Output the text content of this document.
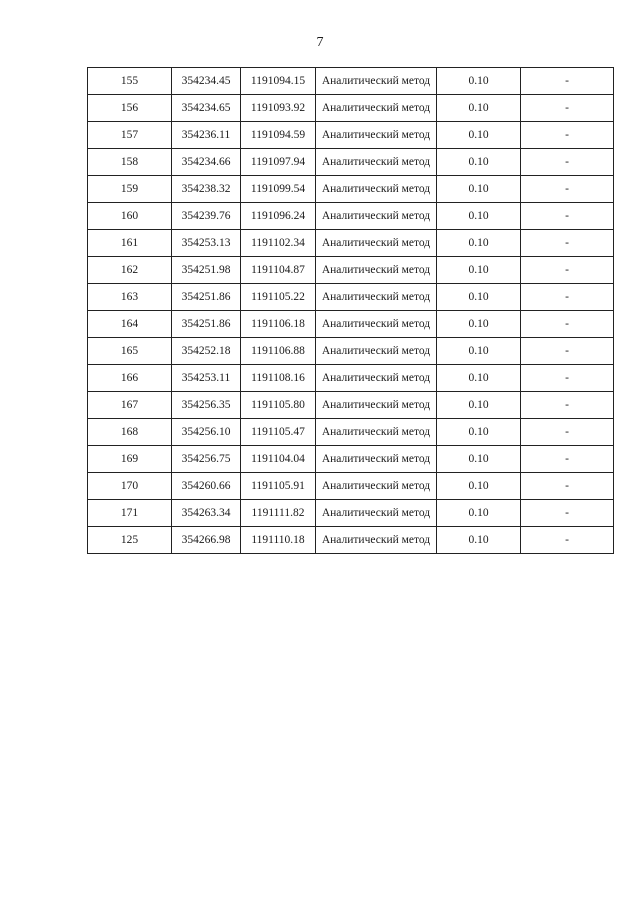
7
155	354234.45	1191094.15	Аналитический метод	0.10	-
156	354234.65	1191093.92	Аналитический метод	0.10	-
157	354236.11	1191094.59	Аналитический метод	0.10	-
158	354234.66	1191097.94	Аналитический метод	0.10	-
159	354238.32	1191099.54	Аналитический метод	0.10	-
160	354239.76	1191096.24	Аналитический метод	0.10	-
161	354253.13	1191102.34	Аналитический метод	0.10	-
162	354251.98	1191104.87	Аналитический метод	0.10	-
163	354251.86	1191105.22	Аналитический метод	0.10	-
164	354251.86	1191106.18	Аналитический метод	0.10	-
165	354252.18	1191106.88	Аналитический метод	0.10	-
166	354253.11	1191108.16	Аналитический метод	0.10	-
167	354256.35	1191105.80	Аналитический метод	0.10	-
168	354256.10	1191105.47	Аналитический метод	0.10	-
169	354256.75	1191104.04	Аналитический метод	0.10	-
170	354260.66	1191105.91	Аналитический метод	0.10	-
171	354263.34	1191111.82	Аналитический метод	0.10	-
125	354266.98	1191110.18	Аналитический метод	0.10	-
